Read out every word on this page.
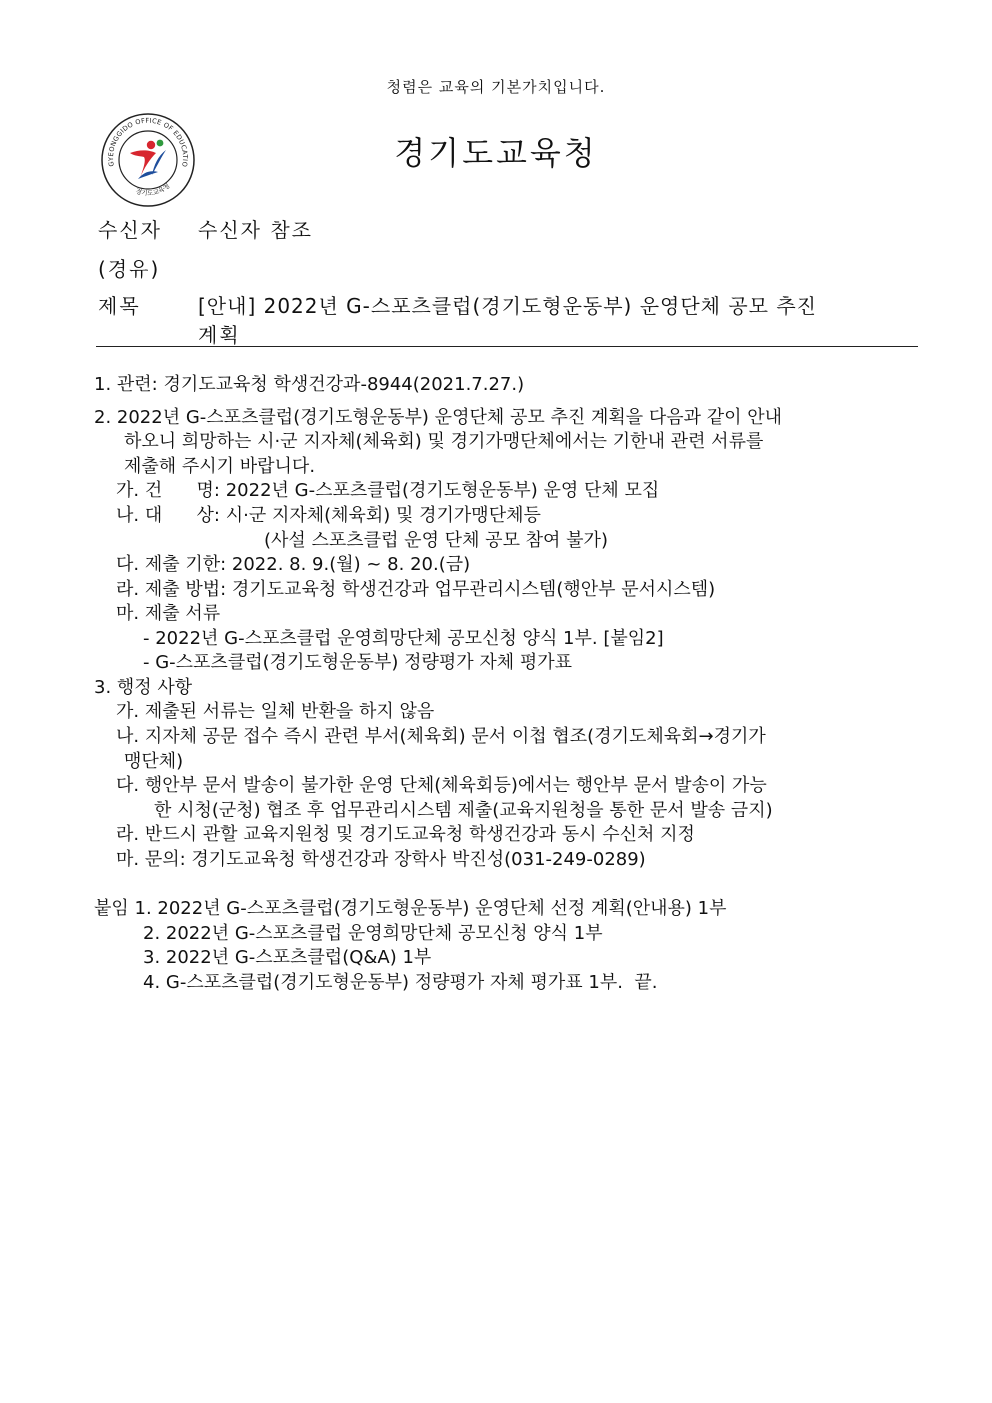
청렴은 교육의 기본가치입니다.
GYEONGGIDO OFFICE OF EDUCATIO
경기도교육청
경기도교육청
수신자 수신자 참조
(경유)
제목	[안내] 2022년 G-스포츠클럽(경기도형운동부) 운영단체 공모 추진
계획
1. 관련: 경기도교육청 학생건강과-8944(2021.7.27.)
2. 2022년 G-스포츠클럽(경기도형운동부) 운영단체 공모 추진 계획을 다음과 같이 안내
하오니 희망하는 시·군 지자체(체육회) 및 경기가맹단체에서는 기한내 관련 서류를
제출해 주시기 바랍니다.
가. 건      명: 2022년 G-스포츠클럽(경기도형운동부) 운영 단체 모집
나. 대      상: 시·군 지자체(체육회) 및 경기가맹단체등
(사설 스포츠클럽 운영 단체 공모 참여 불가)
다. 제출 기한: 2022. 8. 9.(월) ~ 8. 20.(금)
라. 제출 방법: 경기도교육청 학생건강과 업무관리시스템(행안부 문서시스템)
마. 제출 서류
- 2022년 G-스포츠클럽 운영희망단체 공모신청 양식 1부. [붙임2]
- G-스포츠클럽(경기도형운동부) 정량평가 자체 평가표
3. 행정 사항
가. 제출된 서류는 일체 반환을 하지 않음
나. 지자체 공문 접수 즉시 관련 부서(체육회) 문서 이첩 협조(경기도체육회→경기가
맹단체)
다. 행안부 문서 발송이 불가한 운영 단체(체육회등)에서는 행안부 문서 발송이 가능
한 시청(군청) 협조 후 업무관리시스템 제출(교육지원청을 통한 문서 발송 금지)
라. 반드시 관할 교육지원청 및 경기도교육청 학생건강과 동시 수신처 지정
마. 문의: 경기도교육청 학생건강과 장학사 박진성(031-249-0289)
붙임 1. 2022년 G-스포츠클럽(경기도형운동부) 운영단체 선정 계획(안내용) 1부
2. 2022년 G-스포츠클럽 운영희망단체 공모신청 양식 1부
3. 2022년 G-스포츠클럽(Q&A) 1부
4. G-스포츠클럽(경기도형운동부) 정량평가 자체 평가표 1부.  끝.
